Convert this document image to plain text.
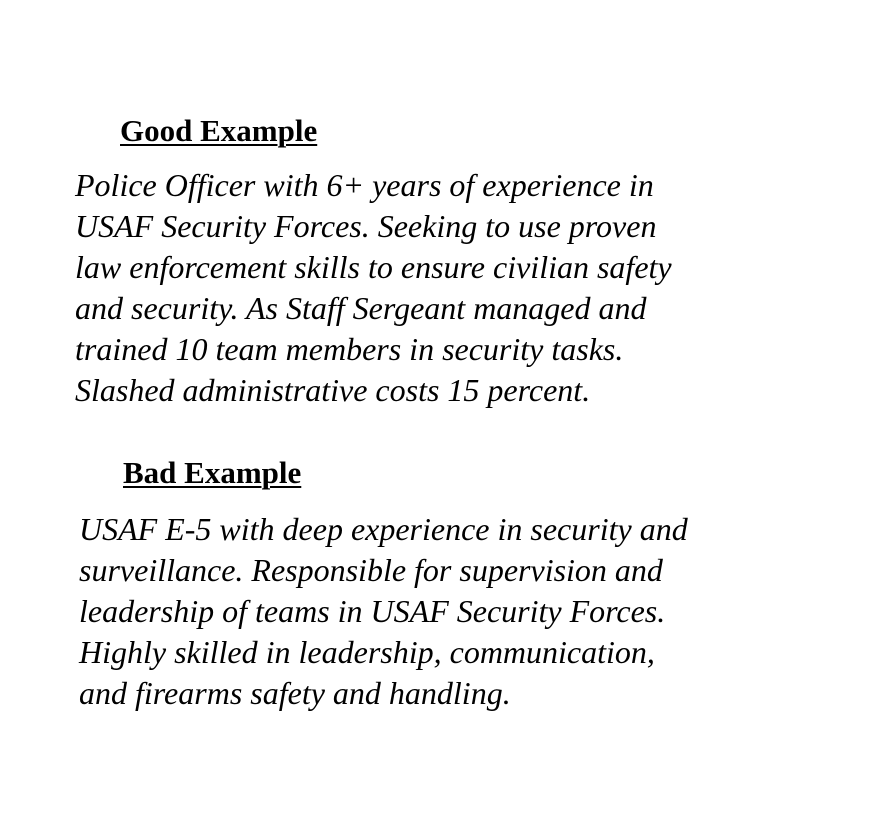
Good Example
Police Officer with 6+ years of experience in
USAF Security Forces. Seeking to use proven
law enforcement skills to ensure civilian safety
and security. As Staff Sergeant managed and
trained 10 team members in security tasks.
Slashed administrative costs 15 percent.
Bad Example
USAF E-5 with deep experience in security and
surveillance. Responsible for supervision and
leadership of teams in USAF Security Forces.
Highly skilled in leadership, communication,
and firearms safety and handling.
